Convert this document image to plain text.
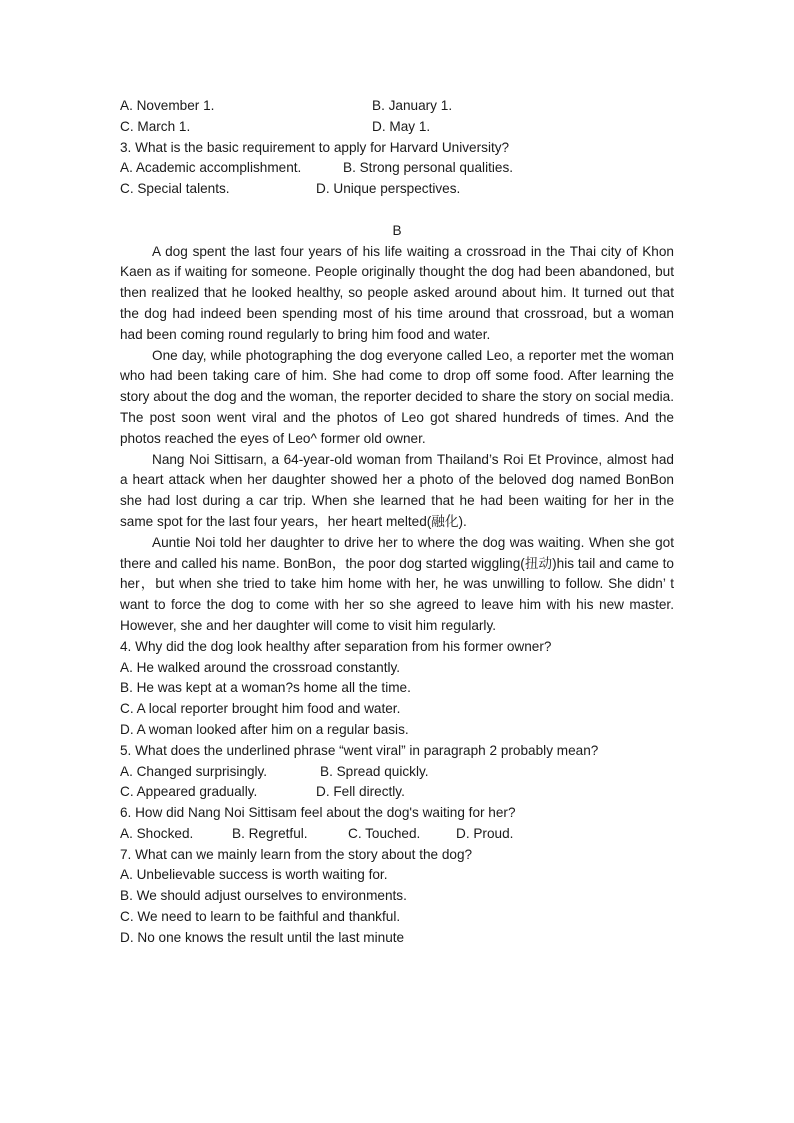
A. November 1.	B. January 1.
C. March 1.	D. May 1.
3. What is the basic requirement to apply for Harvard University?
A. Academic accomplishment.	B. Strong personal qualities.
C. Special talents.	D. Unique perspectives.
B

A dog spent the last four years of his life waiting a crossroad in the Thai city of Khon Kaen as if waiting for someone. People originally thought the dog had been abandoned, but then realized that he looked healthy, so people asked around about him. It turned out that the dog had indeed been spending most of his time around that crossroad, but a woman had been coming round regularly to bring him food and water.

One day, while photographing the dog everyone called Leo, a reporter met the woman who had been taking care of him. She had come to drop off some food. After learning the story about the dog and the woman, the reporter decided to share the story on social media. The post soon went viral and the photos of Leo got shared hundreds of times. And the photos reached the eyes of Leo^ former old owner.

Nang Noi Sittisarn, a 64-year-old woman from Thailand’s Roi Et Province, almost had a heart attack when her daughter showed her a photo of the beloved dog named BonBon she had lost during a car trip. When she learned that he had been waiting for her in the same spot for the last four years，her heart melted(融化).

Auntie Noi told her daughter to drive her to where the dog was waiting. When she got there and called his name. BonBon，the poor dog started wiggling(扭动)his tail and came to her，but when she tried to take him home with her, he was unwilling to follow. She didn’ t want to force the dog to come with her so she agreed to leave him with his new master. However, she and her daughter will come to visit him regularly.

4. Why did the dog look healthy after separation from his former owner?
A. He walked around the crossroad constantly.
B. He was kept at a woman?s home all the time.
C. A local reporter brought him food and water.
D. A woman looked after him on a regular basis.
5. What does the underlined phrase “went viral” in paragraph 2 probably mean?
A. Changed surprisingly.	B. Spread quickly.
C. Appeared gradually.	D. Fell directly.
6. How did Nang Noi Sittisam feel about the dog's waiting for her?
A. Shocked.	B. Regretful.	C. Touched.	D. Proud.
7. What can we mainly learn from the story about the dog?
A. Unbelievable success is worth waiting for.
B. We should adjust ourselves to environments.
C. We need to learn to be faithful and thankful.
D. No one knows the result until the last minute
